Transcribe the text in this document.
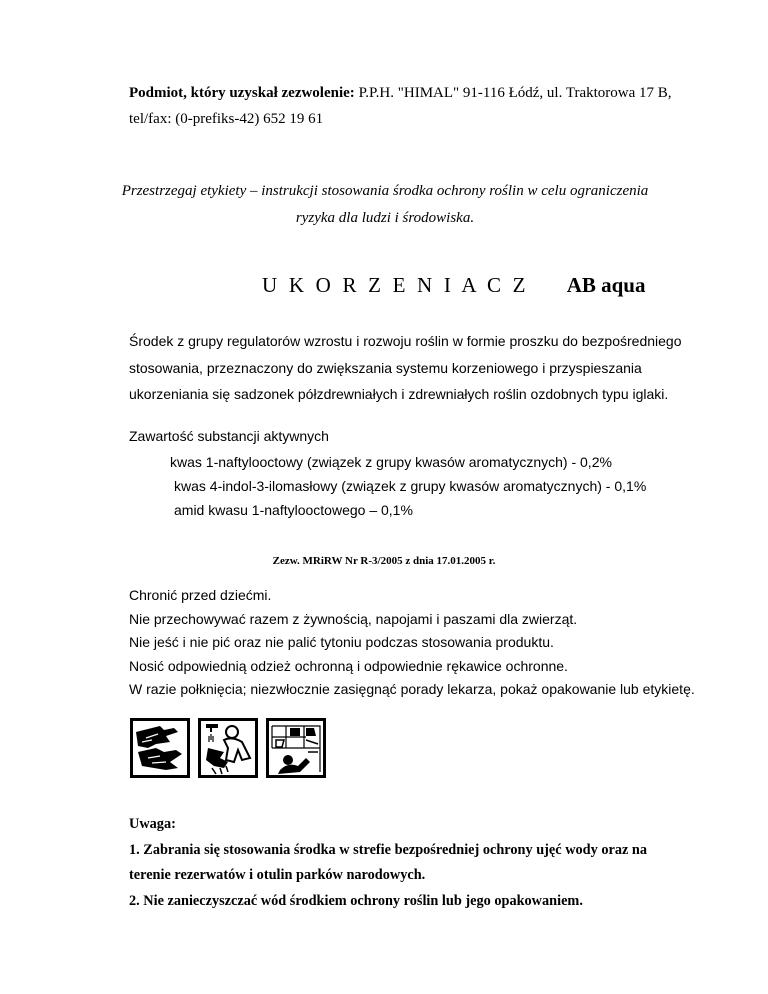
Podmiot, który uzyskał zezwolenie: P.P.H. "HIMAL" 91-116 Łódź, ul. Traktorowa 17 B,

tel/fax: (0-prefiks-42) 652 19 61

Przestrzegaj etykiety – instrukcji stosowania środka ochrony roślin w celu ograniczenia

ryzyka dla ludzi i środowiska.

U K O R Z E N I A C Z AB aqua

Środek z grupy regulatorów wzrostu i rozwoju roślin w formie proszku do bezpośredniego

stosowania, przeznaczony do zwiększania systemu korzeniowego i przyspieszania

ukorzeniania się sadzonek półzdrewniałych i zdrewniałych roślin ozdobnych typu iglaki.

Zawartość substancji aktywnych

kwas 1-naftylooctowy (związek z grupy kwasów aromatycznych) - 0,2%

kwas 4-indol-3-ilomasłowy (związek z grupy kwasów aromatycznych) - 0,1%

amid kwasu 1-naftylooctowego – 0,1%

Zezw. MRiRW Nr R-3/2005 z dnia 17.01.2005 r.

Chronić przed dziećmi.

Nie przechowywać razem z żywnością, napojami i paszami dla zwierząt.

Nie jeść i nie pić oraz nie palić tytoniu podczas stosowania produktu.

Nosić odpowiednią odzież ochronną i odpowiednie rękawice ochronne.

W razie połknięcia; niezwłocznie zasięgnąć porady lekarza, pokaż opakowanie lub etykietę.

Uwaga:

1. Zabrania się stosowania środka w strefie bezpośredniej ochrony ujęć wody oraz na

terenie rezerwatów i otulin parków narodowych.

2. Nie zanieczyszczać wód środkiem ochrony roślin lub jego opakowaniem.
